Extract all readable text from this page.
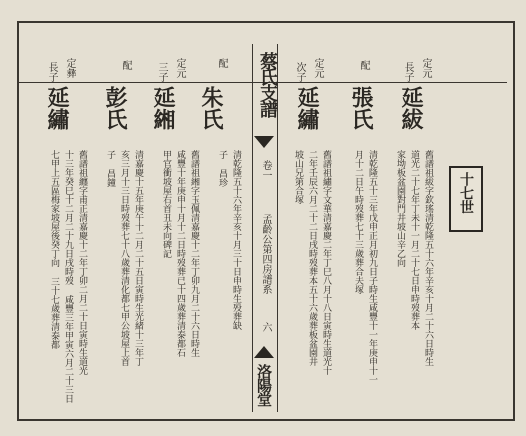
蔡氏支譜
卷一
孟齡公第四房譜系
六
洛陽堂
十七世
定元
長子
定元
次子	配
延紱
張氏
延繡
舊譜祖紱字欽瑤清乾隆五十六年辛亥十月二十六日時生
道光二十七年丁未十一月二十七日申時歿葬本
家坳板盆園對門井坡山辛乙向
清乾隆五十三年戊申正月初九日子時生咸豐十一年庚申十一
月十二日午時歿葬七十三歲葬合夫塚
舊譜祖繡字文華清嘉慶二年丁巳八月十八日寅時生道光十
二年壬辰六月二十二日戌時歿葬本五十六歲葬板盆園井
坡山兄第合塚
配
定元
三子
配
定彝
長子
朱氏
延緗
彭氏
延繡
清乾隆五十六年辛亥十月三十日申時生殁葬缺
子 昌珍
舊譜祖緗字玉佩清嘉慶十二年丁卯九月二十六日時生
咸豐十年庚申十月十二日時歿葬已十四歲葬清泰都石
甲官衝坡屋右首丑未向碑記
清嘉慶十五年庚午十二月二十五日寅時生光緒十三年丁
亥三月十三日時歿葬七十八歲葬清化都七甲公坡屋上首
子 昌鐘
舊譜祖纏字甫正清嘉慶十二年丁卯二月二十日寅時生道光
十三年癸巳十二月二十九日戌時歿 咸豐三年甲寅六月二十三日
七甲上五區梅家坡屋後癸丁向 三十七歲葬清泰都
